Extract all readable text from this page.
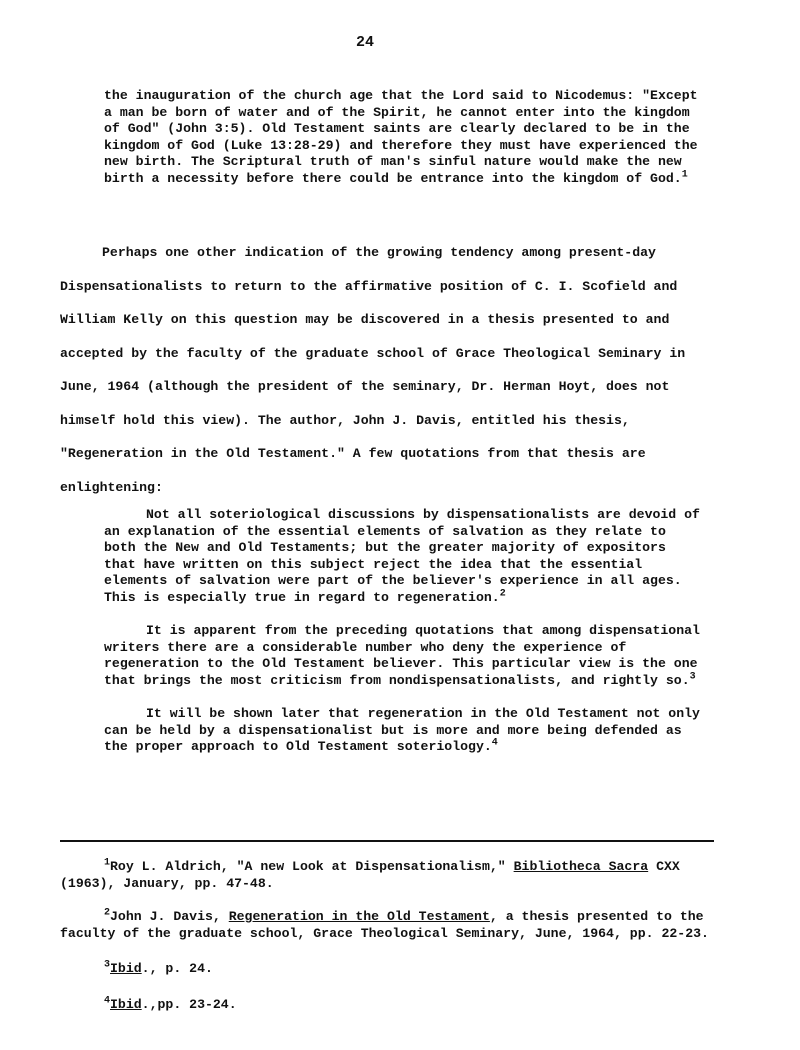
24

the inauguration of the church age that the Lord said to Nicodemus: "Except a man be born of water and of the Spirit, he cannot enter into the kingdom of God" (John 3:5). Old Testament saints are clearly declared to be in the kingdom of God (Luke 13:28-29) and therefore they must have experienced the new birth. The Scriptural truth of man's sinful nature would make the new birth a necessity before there could be entrance into the kingdom of God.$^1$

Perhaps one other indication of the growing tendency among present-day Dispensationalists to return to the affirmative position of C. I. Scofield and William Kelly on this question may be discovered in a thesis presented to and accepted by the faculty of the graduate school of Grace Theological Seminary in June, 1964 (although the president of the seminary, Dr. Herman Hoyt, does not himself hold this view). The author, John J. Davis, entitled his thesis, "Regeneration in the Old Testament." A few quotations from that thesis are enlightening:

Not all soteriological discussions by dispensationalists are devoid of an explanation of the essential elements of salvation as they relate to both the New and Old Testaments; but the greater majority of expositors that have written on this subject reject the idea that the essential elements of salvation were part of the believer's experience in all ages. This is especially true in regard to regeneration.$^2$

It is apparent from the preceding quotations that among dispensational writers there are a considerable number who deny the experience of regeneration to the Old Testament believer. This particular view is the one that brings the most criticism from nondispensationalists, and rightly so.$^3$

It will be shown later that regeneration in the Old Testament not only can be held by a dispensationalist but is more and more being defended as the proper approach to Old Testament soteriology.$^4$

$^1$Roy L. Aldrich, "A new Look at Dispensationalism," Bibliotheca Sacra CXX (1963), January, pp. 47-48.

$^2$John J. Davis, Regeneration in the Old Testament, a thesis presented to the faculty of the graduate school, Grace Theological Seminary, June, 1964, pp. 22-23.

$^3$Ibid., p. 24.

$^4$Ibid.,pp. 23-24.
